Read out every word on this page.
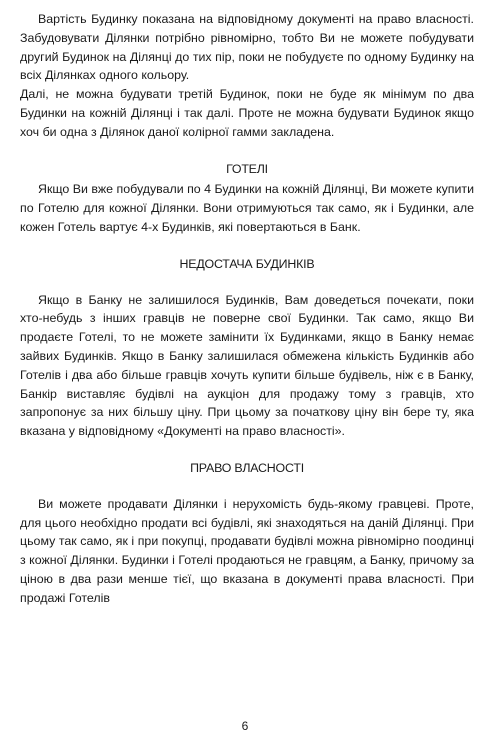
Вартість Будинку показана на відповідному документі на право власності. Забудовувати Ділянки потрібно рівномірно, тобто Ви не можете побудувати другий Будинок на Ділянці до тих пір, поки не побудуєте по одному Будинку на всіх Ділянках одного кольору.

Далі, не можна будувати третій Будинок, поки не буде як мінімум по два Будинки на кожній Ділянці і так далі. Проте не можна будувати Будинок якщо хоч би одна з Ділянок даної колірної гамми закладена.

ГОТЕЛІ

Якщо Ви вже побудували по 4 Будинки на кожній Ділянці, Ви можете купити по Готелю для кожної Ділянки. Вони отримуються так само, як і Будинки, але кожен Готель вартує 4-х Будинків, які повертаються в Банк.

НЕДОСТАЧА БУДИНКІВ

Якщо в Банку не залишилося Будинків, Вам доведеться почекати, поки хто-небудь з інших гравців не поверне свої Будинки. Так само, якщо Ви продаєте Готелі, то не можете замінити їх Будинками, якщо в Банку немає зайвих Будинків. Якщо в Банку залишилася обмежена кількість Будинків або Готелів і два або більше гравців хочуть купити більше будівель, ніж є в Банку, Банкір виставляє будівлі на аукціон для продажу тому з гравців, хто запропонує за них більшу ціну. При цьому за початкову ціну він бере ту, яка вказана у відповідному «Документі на право власності».

ПРАВО ВЛАСНОСТІ

Ви можете продавати Ділянки і нерухомість будь-якому гравцеві. Проте, для цього необхідно продати всі будівлі, які знаходяться на даній Ділянці. При цьому так само, як і при покупці, продавати будівлі можна рівномірно поодинці з кожної Ділянки. Будинки і Готелі продаються не гравцям, а Банку, причому за ціною в два рази менше тієї, що вказана в документі права власності. При продажі Готелів

6
